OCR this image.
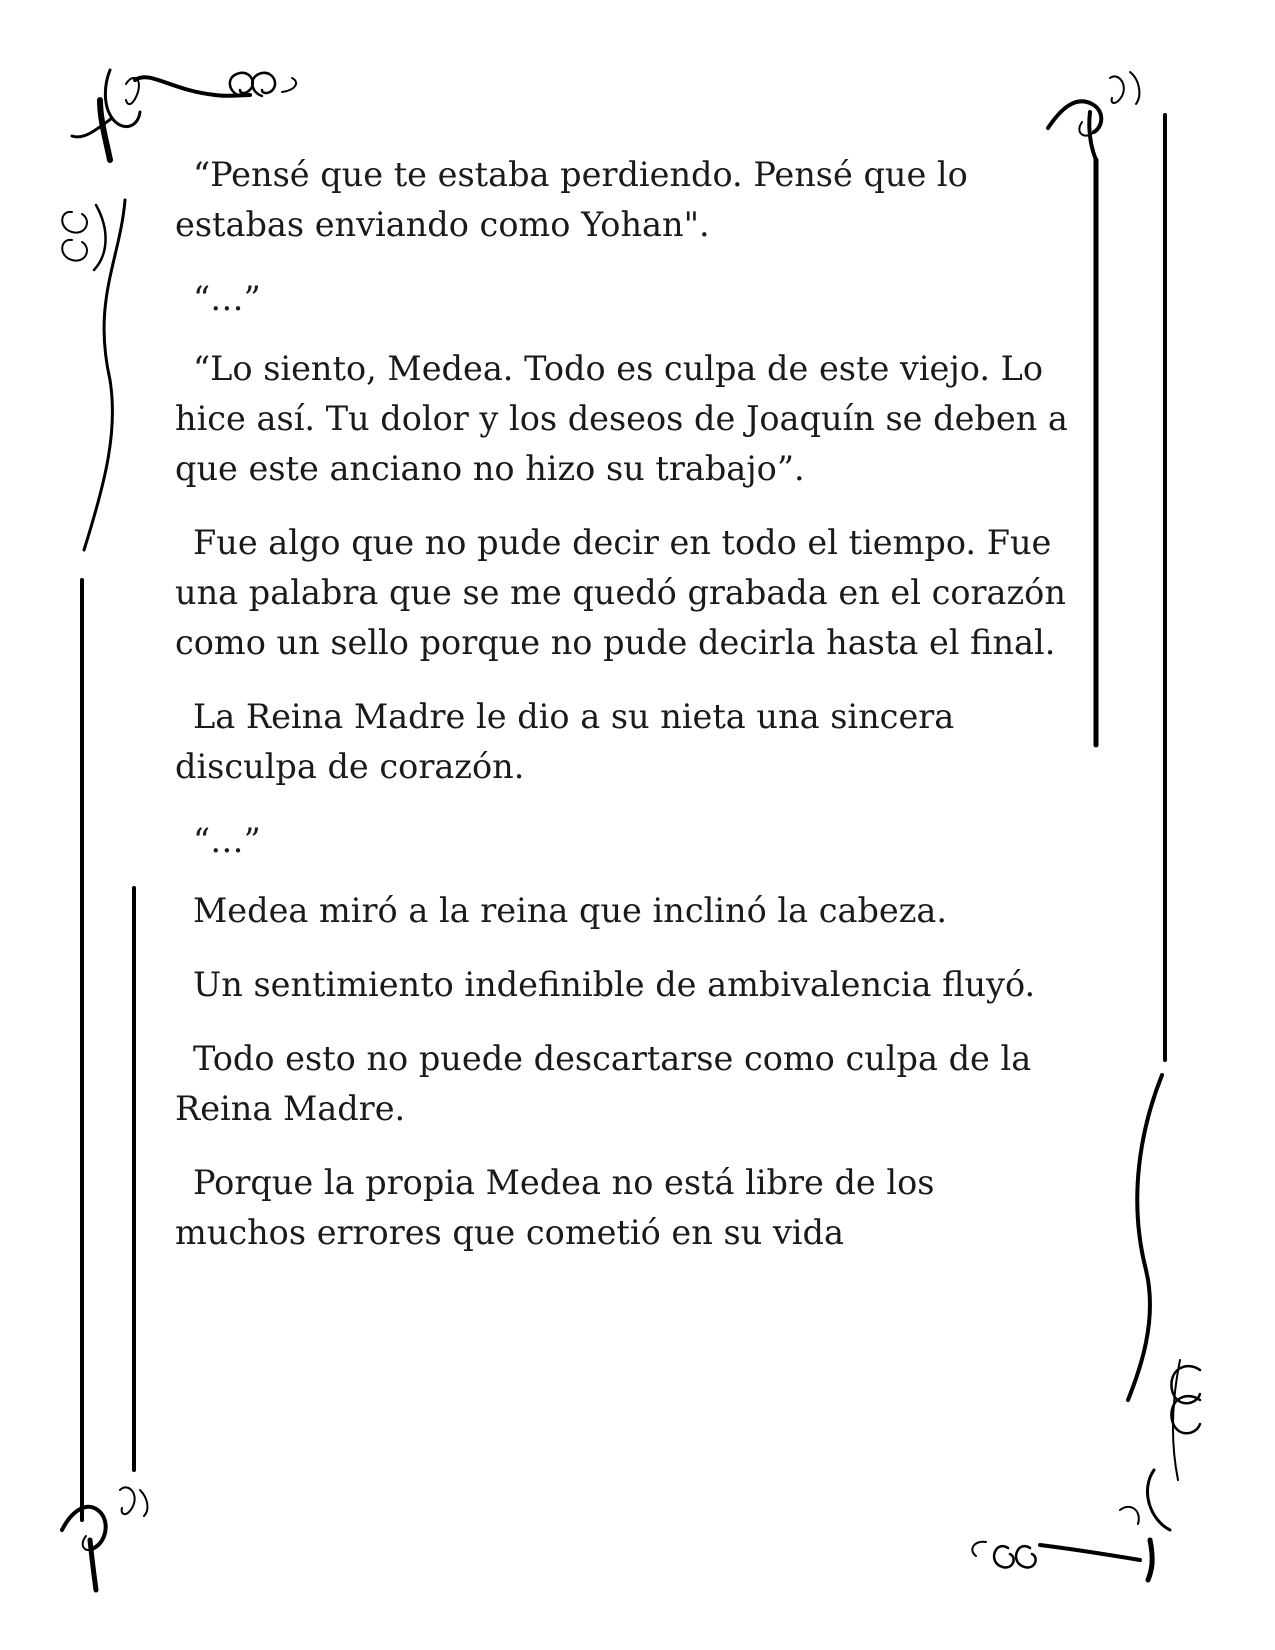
“Pensé que te estaba perdiendo. Pensé que lo estabas enviando como Yohan".

“…”

“Lo siento, Medea. Todo es culpa de este viejo. Lo hice así. Tu dolor y los deseos de Joaquín se deben a que este anciano no hizo su trabajo”.

Fue algo que no pude decir en todo el tiempo. Fue una palabra que se me quedó grabada en el corazón como un sello porque no pude decirla hasta el final.

La Reina Madre le dio a su nieta una sincera disculpa de corazón.

“…”

Medea miró a la reina que inclinó la cabeza.

Un sentimiento indefinible de ambivalencia fluyó.

Todo esto no puede descartarse como culpa de la Reina Madre.

Porque la propia Medea no está libre de los muchos errores que cometió en su vida
